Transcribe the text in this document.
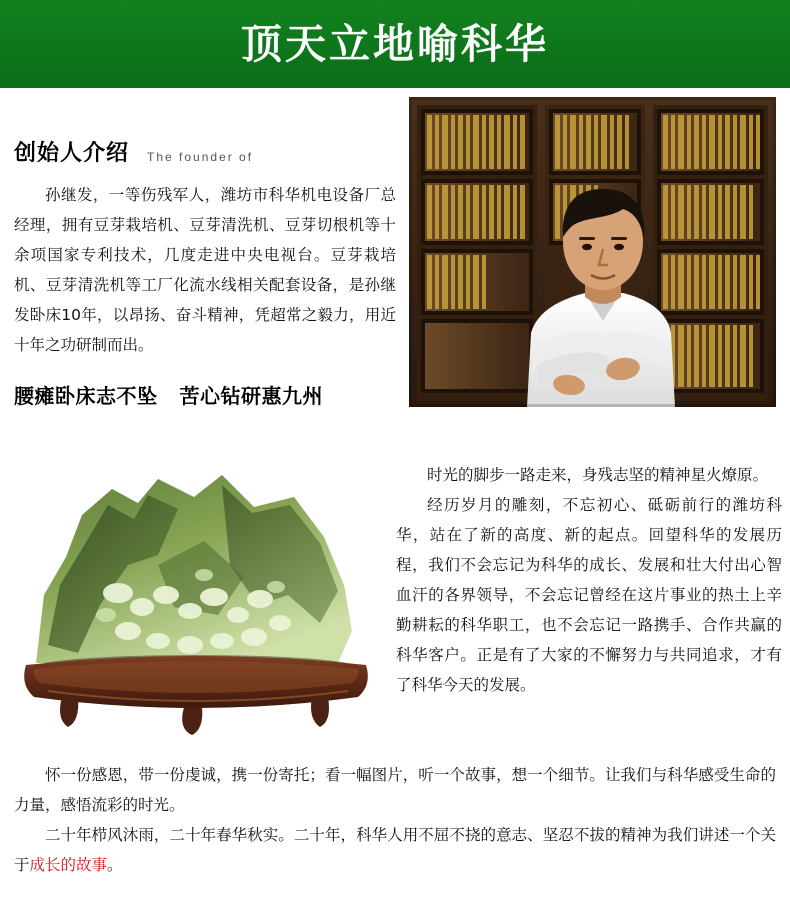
顶天立地喻科华
创始人介绍 The founder of
孙继发，一等伤残军人，潍坊市科华机电设备厂总经理，拥有豆芽栽培机、豆芽清洗机、豆芽切根机等十余项国家专利技术，几度走进中央电视台。豆芽栽培机、豆芽清洗机等工厂化流水线相关配套设备，是孙继发卧床10年，以昂扬、奋斗精神，凭超常之毅力，用近十年之功研制而出。
腰瘫卧床志不坠 苦心钻研惠九州

时光的脚步一路走来，身残志坚的精神星火燎原。

经历岁月的雕刻，不忘初心、砥砺前行的潍坊科华，站在了新的高度、新的起点。回望科华的发展历程，我们不会忘记为科华的成长、发展和壮大付出心智血汗的各界领导，不会忘记曾经在这片事业的热土上辛勤耕耘的科华职工，也不会忘记一路携手、合作共赢的科华客户。正是有了大家的不懈努力与共同追求，才有了科华今天的发展。

怀一份感恩，带一份虔诚，携一份寄托；看一幅图片，听一个故事，想一个细节。让我们与科华感受生命的力量，感悟流彩的时光。

二十年栉风沐雨，二十年春华秋实。二十年，科华人用不屈不挠的意志、坚忍不拔的精神为我们讲述一个关于成长的故事。
